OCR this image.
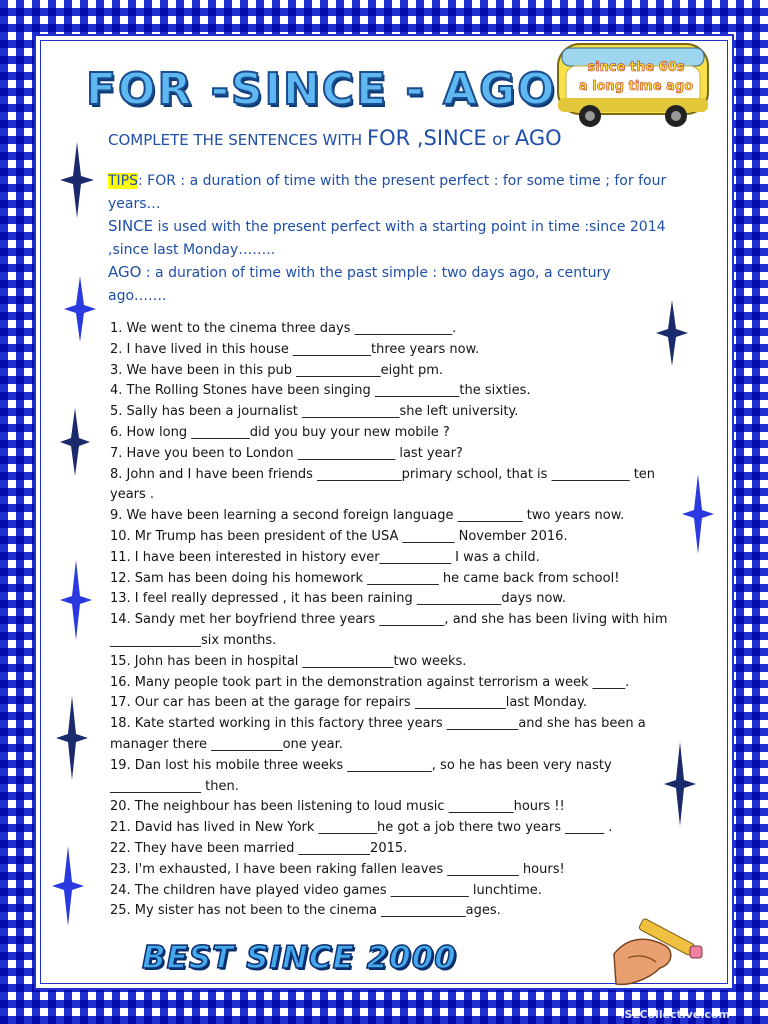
FOR -SINCE - AGO	since the 60s
a long time ago
COMPLETE THE SENTENCES WITH FOR ,SINCE or AGO
TIPS: FOR : a duration of time with the present perfect : for some time ; for four years…
SINCE is used with the present perfect with a starting point in time :since 2014 ,since last Monday……..
AGO : a duration of time with the past simple : two days ago, a century ago…….
1. We went to the cinema three days _______________.
2. I have lived in this house ____________three years now.
3. We have been in this pub _____________eight pm.
4. The Rolling Stones have been singing _____________the sixties.
5. Sally has been a journalist _______________she left university.
6. How long _________did you buy your new mobile ?
7. Have you been to London _______________ last year?
8. John and I have been friends _____________primary school, that is ____________ ten years .
9. We have been learning a second foreign language __________ two years now.
10. Mr Trump has been president of the USA ________ November 2016.
11. I have been interested in history ever___________ I was a child.
12. Sam has been doing his homework ___________ he came back from school!
13. I feel really depressed , it has been raining _____________days now.
14. Sandy met her boyfriend three years __________, and she has been living with him ______________six months.
15. John has been in hospital ______________two weeks.
16. Many people took part in the demonstration against terrorism a week _____.
17. Our car has been at the garage for repairs ______________last Monday.
18. Kate started working in this factory three years ___________and she has been a manager there ___________one year.
19. Dan lost his mobile three weeks _____________, so he has been very nasty ______________ then.
20. The neighbour has been listening to loud music __________hours !!
21. David has lived in New York _________he got a job there two years ______ .
22. They have been married ___________2015.
23. I'm exhausted, I have been raking fallen leaves ___________ hours!
24. The children have played video games ____________ lunchtime.
25. My sister has not been to the cinema _____________ages.
BEST SINCE 2000
iSLCollective.com
